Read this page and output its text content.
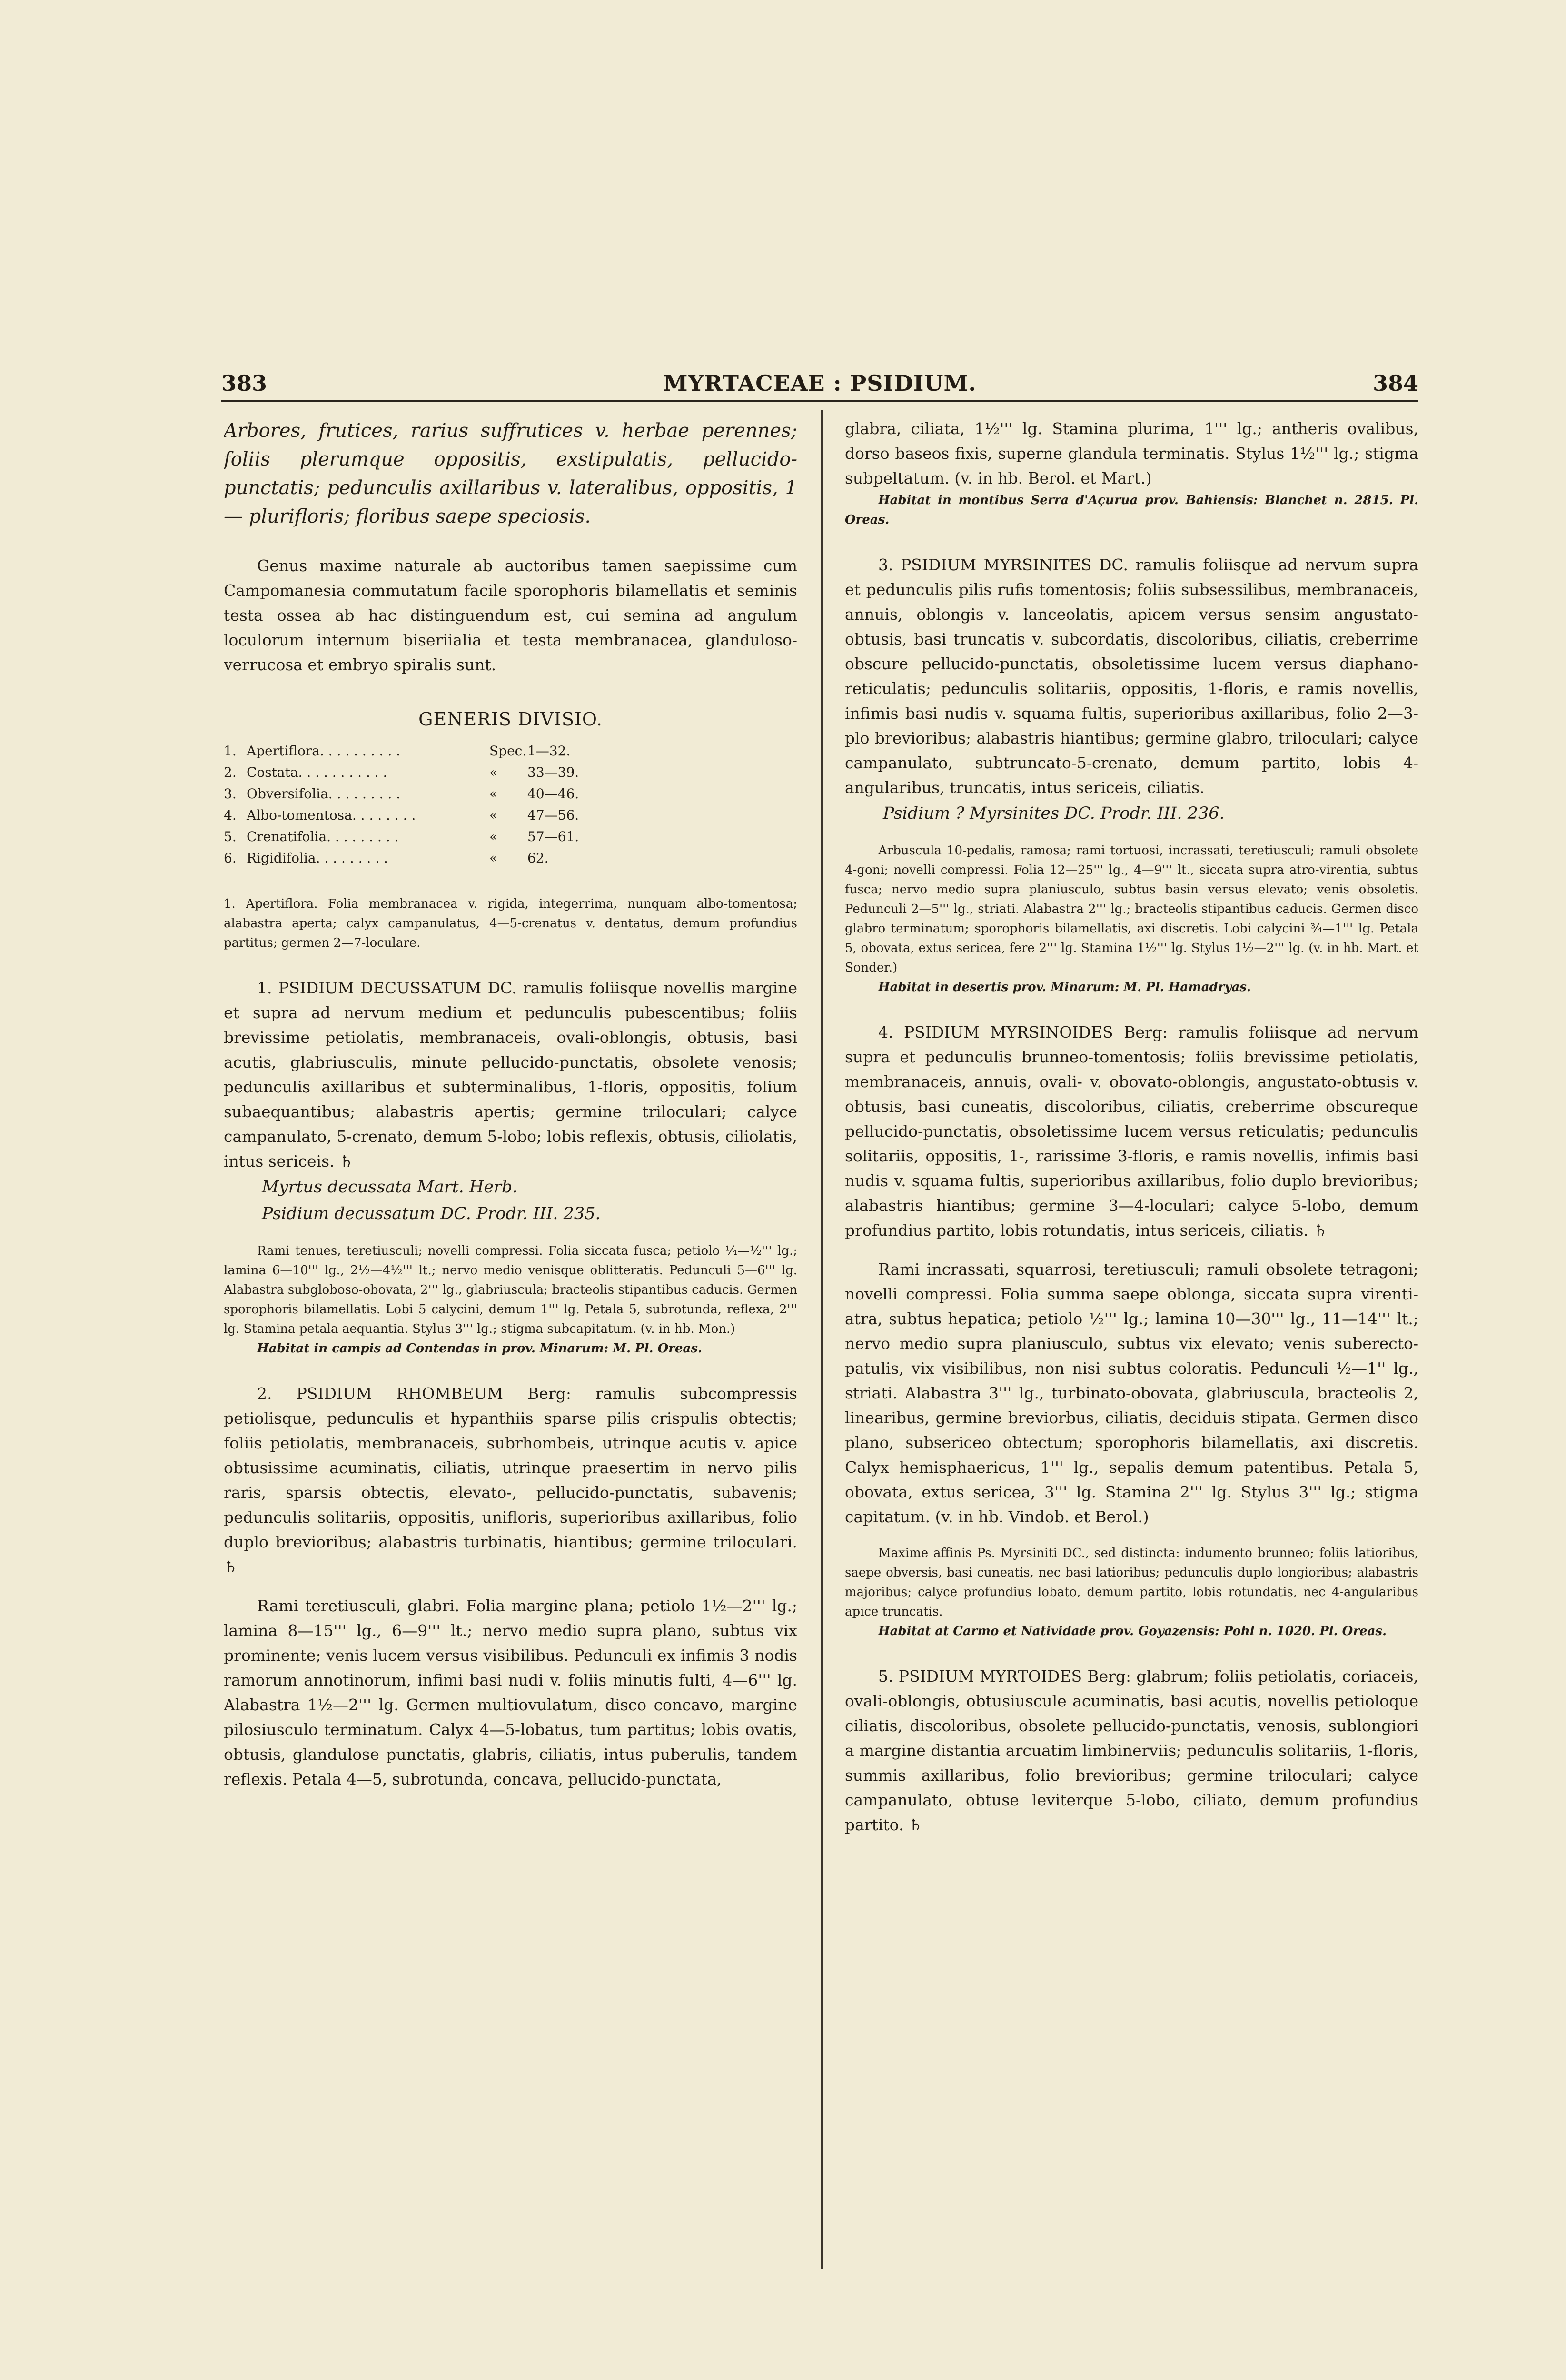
383	MYRTACEAE : PSIDIUM.	384

Arbores, frutices, rarius suffrutices v. herbae perennes; foliis plerumque oppositis, exstipulatis, pellucido-punctatis; pedunculis axillaribus v. lateralibus, oppositis, 1— plurifloris; floribus saepe speciosis.

Genus maxime naturale ab auctoribus tamen saepissime cum Campomanesia commutatum facile sporophoris bilamellatis et seminis testa ossea ab hac distinguendum est, cui semina ad angulum loculorum internum biseriialia et testa membranacea, glanduloso-verrucosa et embryo spiralis sunt.

GENERIS DIVISIO.
1.	Apertiflora. . . . . . . . . .	Spec.	1—32.
2.	Costata. . . . . . . . . . .	«	33—39.
3.	Obversifolia. . . . . . . . .	«	40—46.
4.	Albo-tomentosa. . . . . . . .	«	47—56.
5.	Crenatifolia. . . . . . . . .	«	57—61.
6.	Rigidifolia. . . . . . . . .	«	62.

1. Apertiflora. Folia membranacea v. rigida, integerrima, nunquam albo-tomentosa; alabastra aperta; calyx campanulatus, 4—5-crenatus v. dentatus, demum profundius partitus; germen 2—7-loculare.

1. PSIDIUM DECUSSATUM DC. ramulis foliisque novellis margine et supra ad nervum medium et pedunculis pubescentibus; foliis brevissime petiolatis, membranaceis, ovali-oblongis, obtusis, basi acutis, glabriusculis, minute pellucido-punctatis, obsolete venosis; pedunculis axillaribus et subterminalibus, 1-floris, oppositis, folium subaequantibus; alabastris apertis; germine triloculari; calyce campanulato, 5-crenato, demum 5-lobo; lobis reflexis, obtusis, ciliolatis, intus sericeis. ♄

Myrtus decussata Mart. Herb.

Psidium decussatum DC. Prodr. III. 235.

Rami tenues, teretiusculi; novelli compressi. Folia siccata fusca; petiolo ¼—½''' lg.; lamina 6—10''' lg., 2½—4½''' lt.; nervo medio venisque oblitteratis. Pedunculi 5—6''' lg. Alabastra subgloboso-obovata, 2''' lg., glabriuscula; bracteolis stipantibus caducis. Germen sporophoris bilamellatis. Lobi 5 calycini, demum 1''' lg. Petala 5, subrotunda, reflexa, 2''' lg. Stamina petala aequantia. Stylus 3''' lg.; stigma subcapitatum. (v. in hb. Mon.)

Habitat in campis ad Contendas in prov. Minarum: M. Pl. Oreas.

2. PSIDIUM RHOMBEUM Berg: ramulis subcompressis petiolisque, pedunculis et hypanthiis sparse pilis crispulis obtectis; foliis petiolatis, membranaceis, subrhombeis, utrinque acutis v. apice obtusissime acuminatis, ciliatis, utrinque praesertim in nervo pilis raris, sparsis obtectis, elevato-, pellucido-punctatis, subavenis; pedunculis solitariis, oppositis, unifloris, superioribus axillaribus, folio duplo brevioribus; alabastris turbinatis, hiantibus; germine triloculari. ♄

Rami teretiusculi, glabri. Folia margine plana; petiolo 1½—2''' lg.; lamina 8—15''' lg., 6—9''' lt.; nervo medio supra plano, subtus vix prominente; venis lucem versus visibilibus. Pedunculi ex infimis 3 nodis ramorum annotinorum, infimi basi nudi v. foliis minutis fulti, 4—6''' lg. Alabastra 1½—2''' lg. Germen multiovulatum, disco concavo, margine pilosiusculo terminatum. Calyx 4—5-lobatus, tum partitus; lobis ovatis, obtusis, glandulose punctatis, glabris, ciliatis, intus puberulis, tandem reflexis. Petala 4—5, subrotunda, concava, pellucido-punctata,

glabra, ciliata, 1½''' lg. Stamina plurima, 1''' lg.; antheris ovalibus, dorso baseos fixis, superne glandula terminatis. Stylus 1½''' lg.; stigma subpeltatum. (v. in hb. Berol. et Mart.)

Habitat in montibus Serra d'Açurua prov. Bahiensis: Blanchet n. 2815. Pl. Oreas.

3. PSIDIUM MYRSINITES DC. ramulis foliisque ad nervum supra et pedunculis pilis rufis tomentosis; foliis subsessilibus, membranaceis, annuis, oblongis v. lanceolatis, apicem versus sensim angustato-obtusis, basi truncatis v. subcordatis, discoloribus, ciliatis, creberrime obscure pellucido-punctatis, obsoletissime lucem versus diaphano-reticulatis; pedunculis solitariis, oppositis, 1-floris, e ramis novellis, infimis basi nudis v. squama fultis, superioribus axillaribus, folio 2—3-plo brevioribus; alabastris hiantibus; germine glabro, triloculari; calyce campanulato, subtruncato-5-crenato, demum partito, lobis 4-angularibus, truncatis, intus sericeis, ciliatis.

Psidium ? Myrsinites DC. Prodr. III. 236.

Arbuscula 10-pedalis, ramosa; rami tortuosi, incrassati, teretiusculi; ramuli obsolete 4-goni; novelli compressi. Folia 12—25''' lg., 4—9''' lt., siccata supra atro-virentia, subtus fusca; nervo medio supra planiusculo, subtus basin versus elevato; venis obsoletis. Pedunculi 2—5''' lg., striati. Alabastra 2''' lg.; bracteolis stipantibus caducis. Germen disco glabro terminatum; sporophoris bilamellatis, axi discretis. Lobi calycini ¾—1''' lg. Petala 5, obovata, extus sericea, fere 2''' lg. Stamina 1½''' lg. Stylus 1½—2''' lg. (v. in hb. Mart. et Sonder.)

Habitat in desertis prov. Minarum: M. Pl. Hamadryas.

4. PSIDIUM MYRSINOIDES Berg: ramulis foliisque ad nervum supra et pedunculis brunneo-tomentosis; foliis brevissime petiolatis, membranaceis, annuis, ovali- v. obovato-oblongis, angustato-obtusis v. obtusis, basi cuneatis, discoloribus, ciliatis, creberrime obscureque pellucido-punctatis, obsoletissime lucem versus reticulatis; pedunculis solitariis, oppositis, 1-, rarissime 3-floris, e ramis novellis, infimis basi nudis v. squama fultis, superioribus axillaribus, folio duplo brevioribus; alabastris hiantibus; germine 3—4-loculari; calyce 5-lobo, demum profundius partito, lobis rotundatis, intus sericeis, ciliatis. ♄

Rami incrassati, squarrosi, teretiusculi; ramuli obsolete tetragoni; novelli compressi. Folia summa saepe oblonga, siccata supra virenti-atra, subtus hepatica; petiolo ½''' lg.; lamina 10—30''' lg., 11—14''' lt.; nervo medio supra planiusculo, subtus vix elevato; venis suberecto-patulis, vix visibilibus, non nisi subtus coloratis. Pedunculi ½—1'' lg., striati. Alabastra 3''' lg., turbinato-obovata, glabriuscula, bracteolis 2, linearibus, germine breviorbus, ciliatis, deciduis stipata. Germen disco plano, subsericeo obtectum; sporophoris bilamellatis, axi discretis. Calyx hemisphaericus, 1''' lg., sepalis demum patentibus. Petala 5, obovata, extus sericea, 3''' lg. Stamina 2''' lg. Stylus 3''' lg.; stigma capitatum. (v. in hb. Vindob. et Berol.)

Maxime affinis Ps. Myrsiniti DC., sed distincta: indumento brunneo; foliis latioribus, saepe obversis, basi cuneatis, nec basi latioribus; pedunculis duplo longioribus; alabastris majoribus; calyce profundius lobato, demum partito, lobis rotundatis, nec 4-angularibus apice truncatis.

Habitat at Carmo et Natividade prov. Goyazensis: Pohl n. 1020. Pl. Oreas.

5. PSIDIUM MYRTOIDES Berg: glabrum; foliis petiolatis, coriaceis, ovali-oblongis, obtusiuscule acuminatis, basi acutis, novellis petioloque ciliatis, discoloribus, obsolete pellucido-punctatis, venosis, sublongiori a margine distantia arcuatim limbinerviis; pedunculis solitariis, 1-floris, summis axillaribus, folio brevioribus; germine triloculari; calyce campanulato, obtuse leviterque 5-lobo, ciliato, demum profundius partito. ♄
